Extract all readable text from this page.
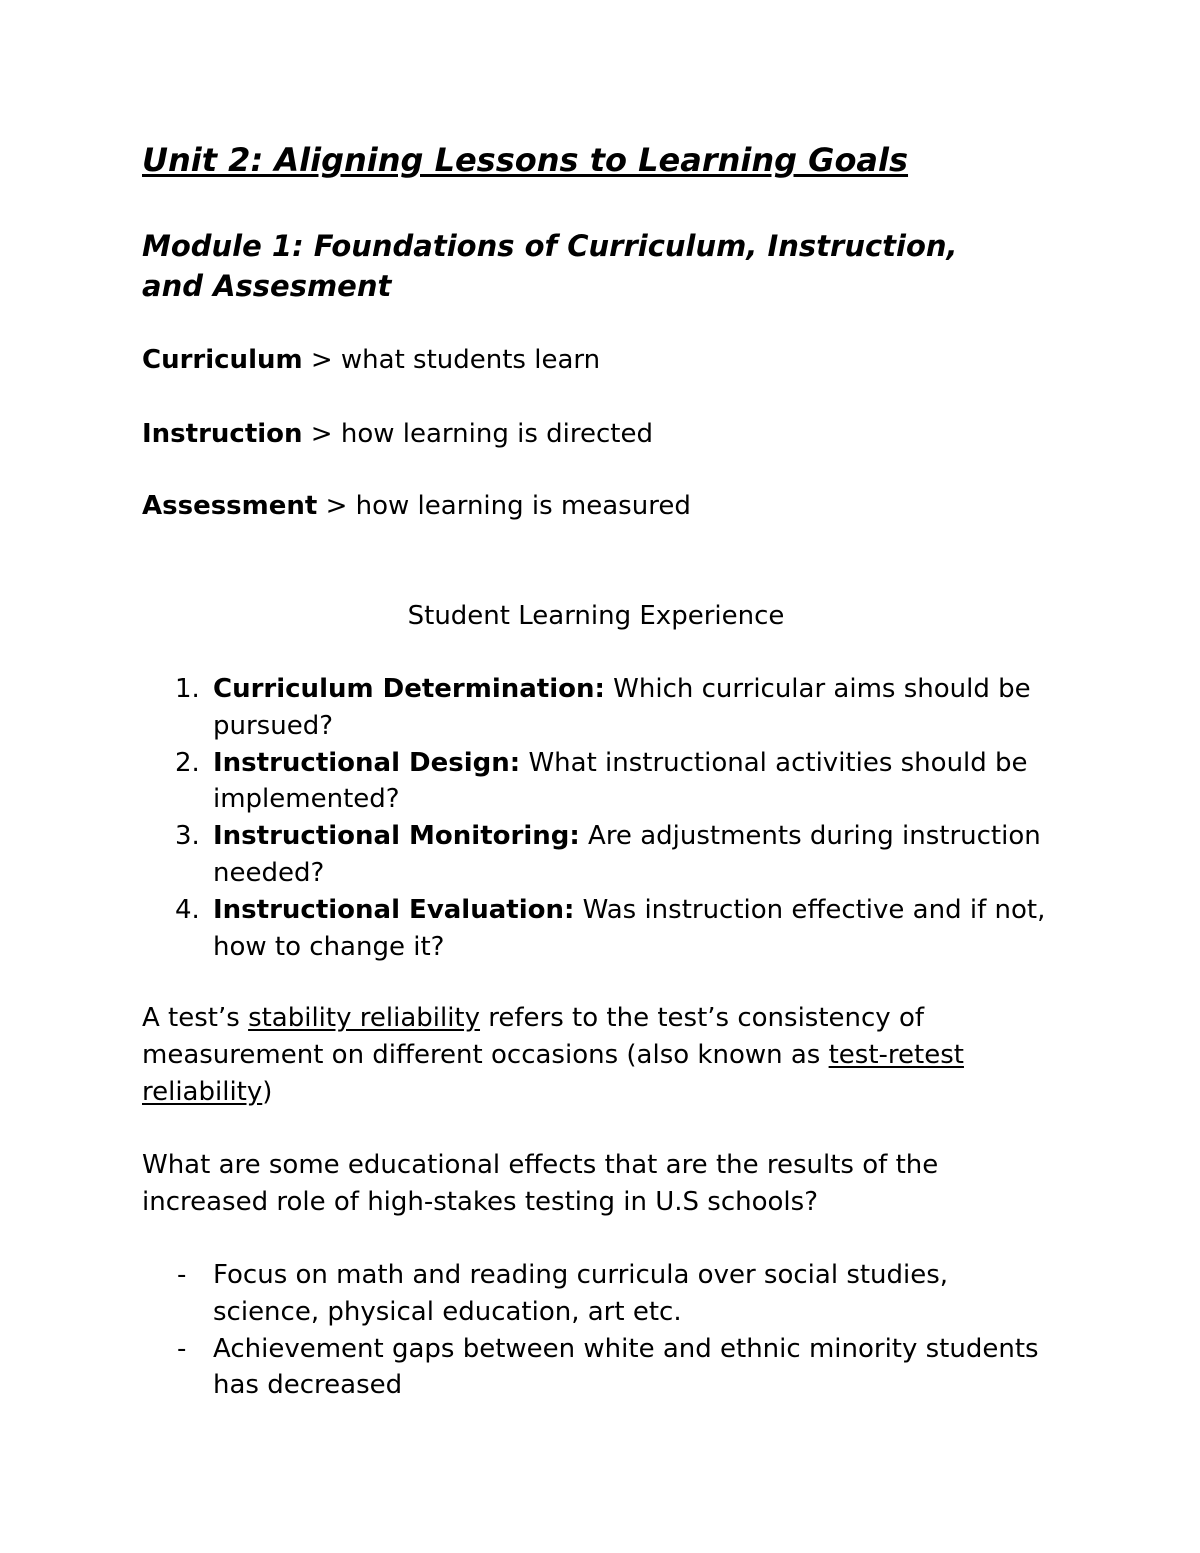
Unit 2: Aligning Lessons to Learning Goals
Module 1: Foundations of Curriculum, Instruction,
and Assesment
Curriculum > what students learn
Instruction > how learning is directed
Assessment > how learning is measured
Student Learning Experience
1. Curriculum Determination: Which curricular aims should be pursued?
2. Instructional Design: What instructional activities should be implemented?
3. Instructional Monitoring: Are adjustments during instruction needed?
4. Instructional Evaluation: Was instruction effective and if not, how to change it?
A test’s stability reliability refers to the test’s consistency of measurement on different occasions (also known as test-retest reliability)
What are some educational effects that are the results of the increased role of high-stakes testing in U.S schools?
- Focus on math and reading curricula over social studies, science, physical education, art etc.
- Achievement gaps between white and ethnic minority students has decreased
